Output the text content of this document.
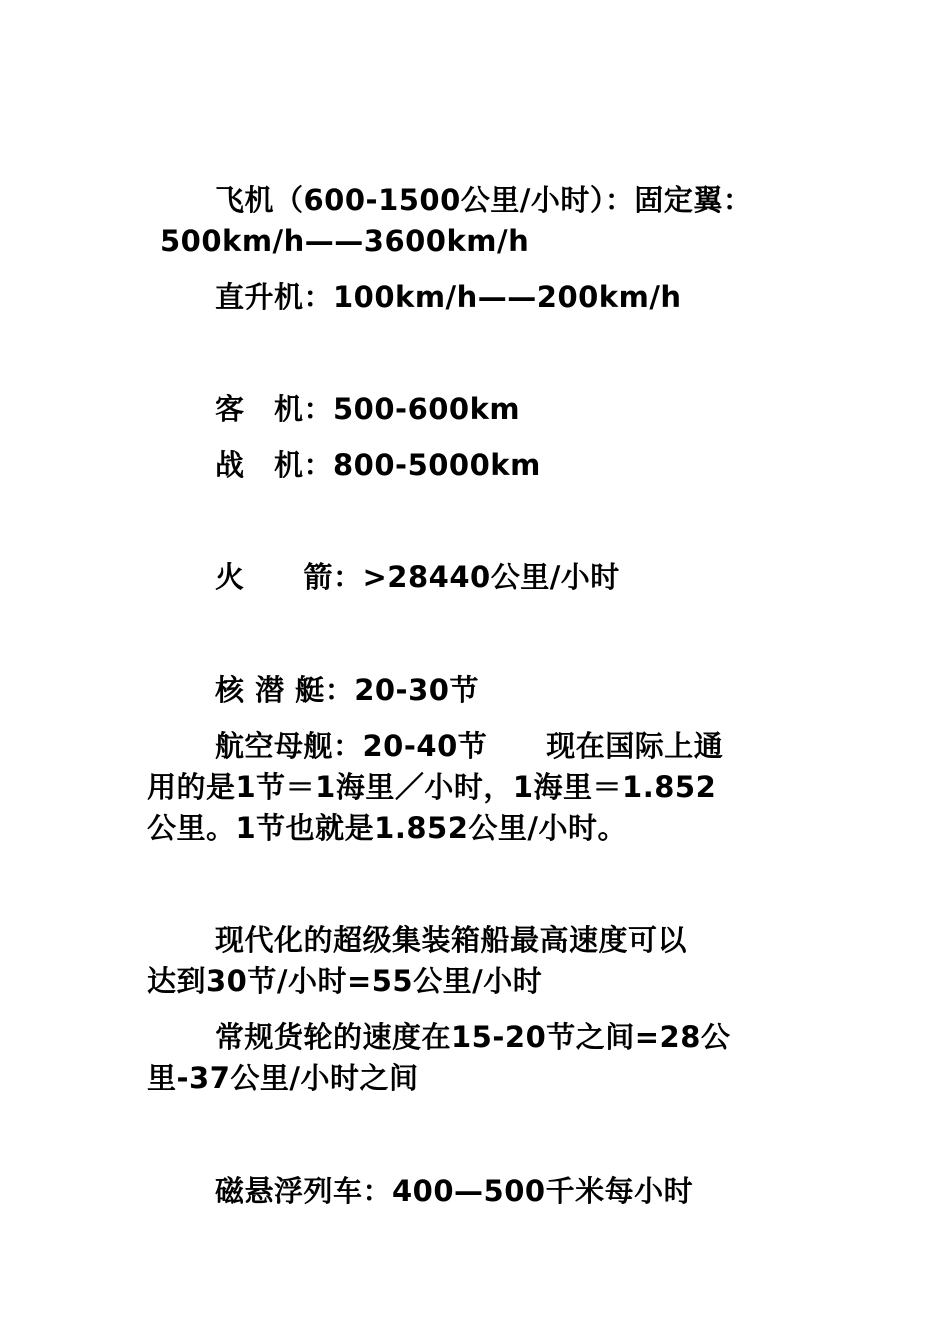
飞机（600-1500公里/小时）：固定翼：
500km/h——3600km/h
直升机：100km/h——200km/h
客　机：500-600km
战　机：800-5000km
火　　箭：>28440公里/小时
核 潜 艇：20-30节
航空母舰：20-40节　　现在国际上通
用的是1节＝1海里／小时，1海里＝1.852
公里。1节也就是1.852公里/小时。
现代化的超级集装箱船最高速度可以
达到30节/小时=55公里/小时
常规货轮的速度在15-20节之间=28公
里-37公里/小时之间
磁悬浮列车：400—500千米每小时
